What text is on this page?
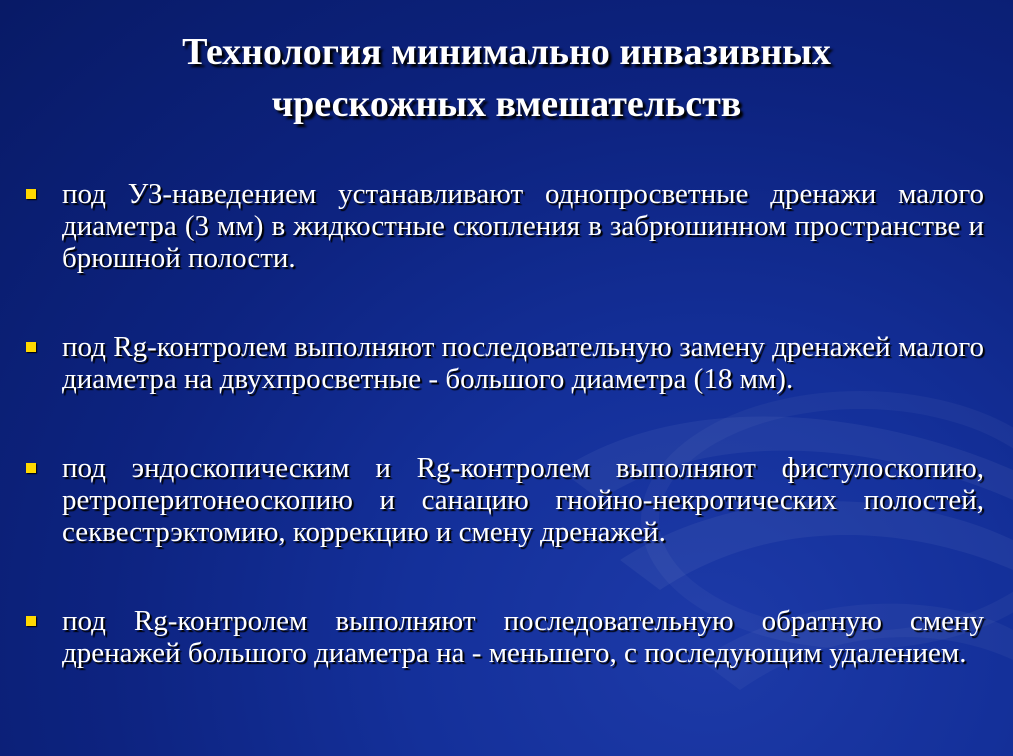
Технология минимально инвазивных
чрескожных вмешательств
под УЗ-наведением устанавливают однопросветные дренажи малого диаметра (3 мм) в жидкостные скопления в забрюшинном пространстве и брюшной полости.
под Rg-контролем выполняют последовательную замену дренажей малого диаметра на двухпросветные - большого диаметра (18 мм).
под эндоскопическим и Rg-контролем выполняют фистулоскопию, ретроперитонеоскопию и санацию гнойно-некротических полостей, секвестрэктомию, коррекцию и смену дренажей.
под Rg-контролем выполняют последовательную обратную смену дренажей большого диаметра на - меньшего, с последующим удалением.
